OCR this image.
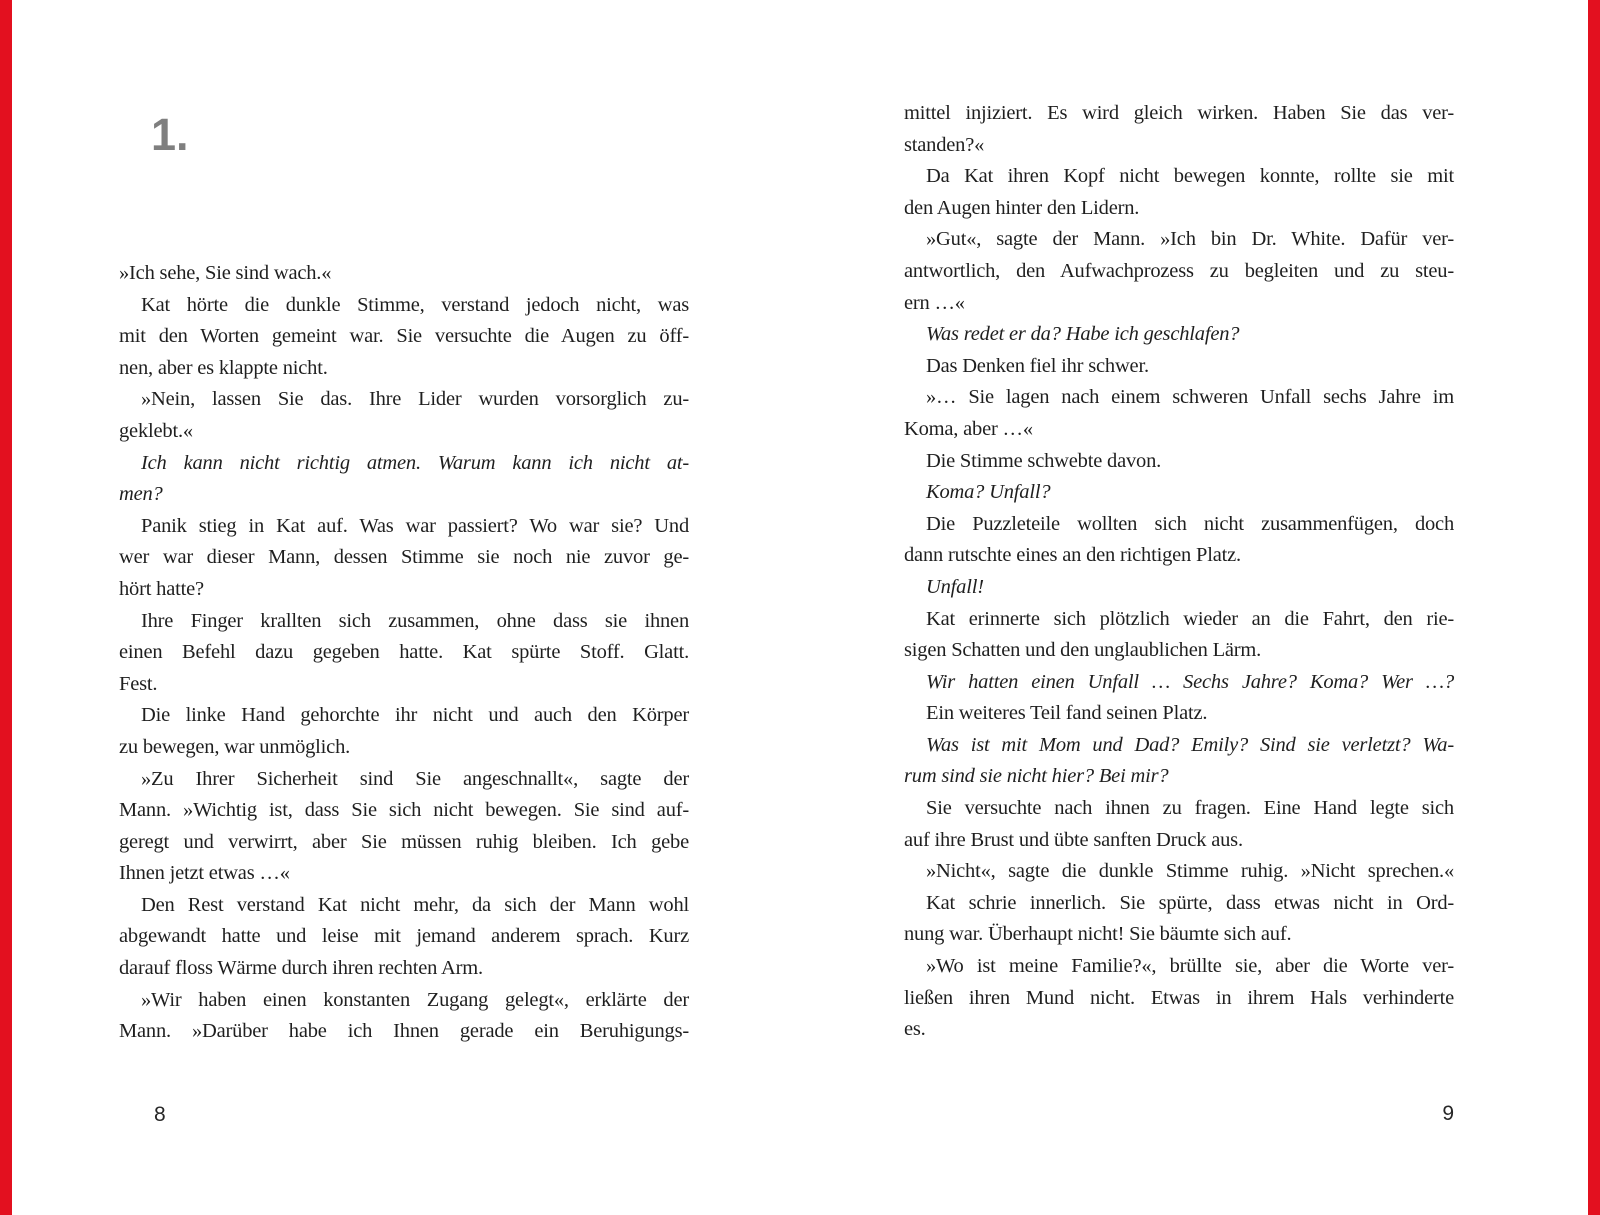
1.
»Ich sehe, Sie sind wach.«
Kat hörte die dunkle Stimme, verstand jedoch nicht, was
mit den Worten gemeint war. Sie versuchte die Augen zu öff-
nen, aber es klappte nicht.
»Nein, lassen Sie das. Ihre Lider wurden vorsorglich zu-
geklebt.«
Ich kann nicht richtig atmen. Warum kann ich nicht at-
men?
Panik stieg in Kat auf. Was war passiert? Wo war sie? Und
wer war dieser Mann, dessen Stimme sie noch nie zuvor ge-
hört hatte?
Ihre Finger krallten sich zusammen, ohne dass sie ihnen
einen Befehl dazu gegeben hatte. Kat spürte Stoff. Glatt.
Fest.
Die linke Hand gehorchte ihr nicht und auch den Körper
zu bewegen, war unmöglich.
»Zu Ihrer Sicherheit sind Sie angeschnallt«, sagte der
Mann. »Wichtig ist, dass Sie sich nicht bewegen. Sie sind auf-
geregt und verwirrt, aber Sie müssen ruhig bleiben. Ich gebe
Ihnen jetzt etwas …«
Den Rest verstand Kat nicht mehr, da sich der Mann wohl
abgewandt hatte und leise mit jemand anderem sprach. Kurz
darauf floss Wärme durch ihren rechten Arm.
»Wir haben einen konstanten Zugang gelegt«, erklärte der
Mann. »Darüber habe ich Ihnen gerade ein Beruhigungs-
mittel injiziert. Es wird gleich wirken. Haben Sie das ver-
standen?«
Da Kat ihren Kopf nicht bewegen konnte, rollte sie mit
den Augen hinter den Lidern.
»Gut«, sagte der Mann. »Ich bin Dr. White. Dafür ver-
antwortlich, den Aufwachprozess zu begleiten und zu steu-
ern …«
Was redet er da? Habe ich geschlafen?
Das Denken fiel ihr schwer.
»… Sie lagen nach einem schweren Unfall sechs Jahre im
Koma, aber …«
Die Stimme schwebte davon.
Koma? Unfall?
Die Puzzleteile wollten sich nicht zusammenfügen, doch
dann rutschte eines an den richtigen Platz.
Unfall!
Kat erinnerte sich plötzlich wieder an die Fahrt, den rie-
sigen Schatten und den unglaublichen Lärm.
Wir hatten einen Unfall … Sechs Jahre? Koma? Wer …?
Ein weiteres Teil fand seinen Platz.
Was ist mit Mom und Dad? Emily? Sind sie verletzt? Wa-
rum sind sie nicht hier? Bei mir?
Sie versuchte nach ihnen zu fragen. Eine Hand legte sich
auf ihre Brust und übte sanften Druck aus.
»Nicht«, sagte die dunkle Stimme ruhig. »Nicht sprechen.«
Kat schrie innerlich. Sie spürte, dass etwas nicht in Ord-
nung war. Überhaupt nicht! Sie bäumte sich auf.
»Wo ist meine Familie?«, brüllte sie, aber die Worte ver-
ließen ihren Mund nicht. Etwas in ihrem Hals verhinderte
es.
8	9
